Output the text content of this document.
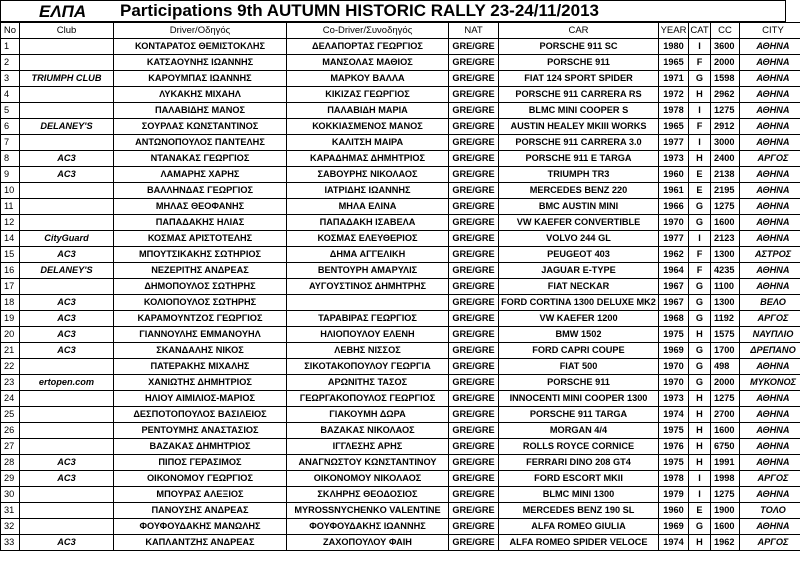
ΕΛΠΑ Participations 9th AUTUMN HISTORIC RALLY 23-24/11/2013
No	Club	Driver/Οδηγός	Co-Driver/Συνοδηγός	NAT	CAR	YEAR	CAT	CC	CITY
1		ΚΟΝΤΑΡΑΤΟΣ ΘΕΜΙΣΤΟΚΛΗΣ	ΔΕΛΑΠΟΡΤΑΣ ΓΕΩΡΓΙΟΣ	GRE/GRE	PORSCHE 911 SC	1980	I	3600	ΑΘΗΝΑ
2		ΚΑΤΣΑΟΥΝΗΣ ΙΩΑΝΝΗΣ	ΜΑΝΣΟΛΑΣ ΜΑΘΙΟΣ	GRE/GRE	PORSCHE 911	1965	F	2000	ΑΘΗΝΑ
3	TRIUMPH CLUB	ΚΑΡΟΥΜΠΑΣ ΙΩΑΝΝΗΣ	ΜΑΡΚΟΥ ΒΑΛΛΑ	GRE/GRE	FIAT 124 SPORT SPIDER	1971	G	1598	ΑΘΗΝΑ
4		ΛΥΚΑΚΗΣ ΜΙΧΑΗΛ	ΚΙΚΙΖΑΣ ΓΕΩΡΓΙΟΣ	GRE/GRE	PORSCHE 911 CARRERA RS	1972	H	2962	ΑΘΗΝΑ
5		ΠΑΛΑΒΙΔΗΣ ΜΑΝΟΣ	ΠΑΛΑΒΙΔΗ ΜΑΡΙΑ	GRE/GRE	BLMC MINI COOPER S	1978	I	1275	ΑΘΗΝΑ
6	DELANEY'S	ΣΟΥΡΛΑΣ ΚΩΝΣΤΑΝΤΙΝΟΣ	ΚΟΚΚΙΑΣΜΕΝΟΣ ΜΑΝΟΣ	GRE/GRE	AUSTIN HEALEY MKIII WORKS	1965	F	2912	ΑΘΗΝΑ
7		ΑΝΤΩΝΟΠΟΥΛΟΣ ΠΑΝΤΕΛΗΣ	ΚΑΛΙΤΣΗ ΜΑΙΡΑ	GRE/GRE	PORSCHE 911 CARRERA 3.0	1977	I	3000	ΑΘΗΝΑ
8	AC3	ΝΤΑΝΑΚΑΣ ΓΕΩΡΓΙΟΣ	ΚΑΡΑΔΗΜΑΣ ΔΗΜΗΤΡΙΟΣ	GRE/GRE	PORSCHE 911 E TARGA	1973	H	2400	ΑΡΓΟΣ
9	AC3	ΛΑΜΑΡΗΣ ΧΑΡΗΣ	ΣΑΒΟΥΡΗΣ ΝΙΚΟΛΑΟΣ	GRE/GRE	TRIUMPH TR3	1960	E	2138	ΑΘΗΝΑ
10		ΒΑΛΛΗΝΔΑΣ ΓΕΩΡΓΙΟΣ	ΙΑΤΡΙΔΗΣ ΙΩΑΝΝΗΣ	GRE/GRE	MERCEDES BENZ 220	1961	E	2195	ΑΘΗΝΑ
11		ΜΗΛΑΣ ΘΕΟΦΑΝΗΣ	ΜΗΛΑ ΕΛΙΝΑ	GRE/GRE	BMC AUSTIN MINI	1966	G	1275	ΑΘΗΝΑ
12		ΠΑΠΑΔΑΚΗΣ ΗΛΙΑΣ	ΠΑΠΑΔΑΚΗ ΙΣΑΒΕΛΑ	GRE/GRE	VW KAEFER CONVERTIBLE	1970	G	1600	ΑΘΗΝΑ
14	CityGuard	ΚΟΣΜΑΣ ΑΡΙΣΤΟΤΕΛΗΣ	ΚΟΣΜΑΣ ΕΛΕΥΘΕΡΙΟΣ	GRE/GRE	VOLVO 244 GL	1977	I	2123	ΑΘΗΝΑ
15	AC3	ΜΠΟΥΤΣΙΚΑΚΗΣ ΣΩΤΗΡΙΟΣ	ΔΗΜΑ ΑΓΓΕΛΙΚΗ	GRE/GRE	PEUGEOT 403	1962	F	1300	ΑΣΤΡΟΣ
16	DELANEY'S	ΝΕΖΕΡΙΤΗΣ ΑΝΔΡΕΑΣ	ΒΕΝΤΟΥΡΗ ΑΜΑΡΥΛΙΣ	GRE/GRE	JAGUAR E-TYPE	1964	F	4235	ΑΘΗΝΑ
17		ΔΗΜΟΠΟΥΛΟΣ ΣΩΤΗΡΗΣ	ΑΥΓΟΥΣΤΙΝΟΣ ΔΗΜΗΤΡΗΣ	GRE/GRE	FIAT NECKAR	1967	G	1100	ΑΘΗΝΑ
18	AC3	ΚΟΛΙΟΠΟΥΛΟΣ ΣΩΤΗΡΗΣ		GRE/GRE	FORD CORTINA 1300 DELUXE MK2	1967	G	1300	ΒΕΛΟ
19	AC3	ΚΑΡΑΜΟΥΝΤΖΟΣ ΓΕΩΡΓΙΟΣ	ΤΑΡΑΒΙΡΑΣ ΓΕΩΡΓΙΟΣ	GRE/GRE	VW KAEFER 1200	1968	G	1192	ΑΡΓΟΣ
20	AC3	ΓΙΑΝΝΟΥΛΗΣ ΕΜΜΑΝΟΥΗΛ	ΗΛΙΟΠΟΥΛΟΥ ΕΛΕΝΗ	GRE/GRE	BMW 1502	1975	H	1575	ΝΑΥΠΛΙΟ
21	AC3	ΣΚΑΝΔΑΛΗΣ ΝΙΚΟΣ	ΛΕΒΗΣ ΝΙΣΣΟΣ	GRE/GRE	FORD CAPRI COUPE	1969	G	1700	ΔΡΕΠΑΝΟ
22		ΠΑΤΕΡΑΚΗΣ ΜΙΧΑΛΗΣ	ΣΙΚΟΤΑΚΟΠΟΥΛΟΥ ΓΕΩΡΓΙΑ	GRE/GRE	FIAT 500	1970	G	498	ΑΘΗΝΑ
23	ertopen.com	ΧΑΝΙΩΤΗΣ ΔΗΜΗΤΡΙΟΣ	ΑΡΩΝΙΤΗΣ ΤΑΣΟΣ	GRE/GRE	PORSCHE 911	1970	G	2000	ΜΥΚΟΝΟΣ
24		ΗΛΙΟΥ ΑΙΜΙΛΙΟΣ-ΜΑΡΙΟΣ	ΓΕΩΡΓΑΚΟΠΟΥΛΟΣ ΓΕΩΡΓΙΟΣ	GRE/GRE	INNOCENTI MINI COOPER 1300	1973	H	1275	ΑΘΗΝΑ
25		ΔΕΣΠΟΤΟΠΟΥΛΟΣ ΒΑΣΙΛΕΙΟΣ	ΓΙΑΚΟΥΜΗ ΔΩΡΑ	GRE/GRE	PORSCHE 911 TARGA	1974	H	2700	ΑΘΗΝΑ
26		ΡΕΝΤΟΥΜΗΣ ΑΝΑΣΤΑΣΙΟΣ	ΒΑΖΑΚΑΣ ΝΙΚΟΛΑΟΣ	GRE/GRE	MORGAN 4/4	1975	H	1600	ΑΘΗΝΑ
27		ΒΑΖΑΚΑΣ ΔΗΜΗΤΡΙΟΣ	ΙΓΓΛΕΣΗΣ ΑΡΗΣ	GRE/GRE	ROLLS ROYCE CORNICE	1976	H	6750	ΑΘΗΝΑ
28	AC3	ΠΙΠΟΣ ΓΕΡΑΣΙΜΟΣ	ΑΝΑΓΝΩΣΤΟΥ ΚΩΝΣΤΑΝΤΙΝΟΥ	GRE/GRE	FERRARI DINO 208 GT4	1975	H	1991	ΑΘΗΝΑ
29	AC3	ΟΙΚΟΝΟΜΟΥ ΓΕΩΡΓΙΟΣ	ΟΙΚΟΝΟΜΟΥ ΝΙΚΟΛΑΟΣ	GRE/GRE	FORD ESCORT MKII	1978	I	1998	ΑΡΓΟΣ
30		ΜΠΟΥΡΑΣ ΑΛΕΞΙΟΣ	ΣΚΛΗΡΗΣ ΘΕΟΔΟΣΙΟΣ	GRE/GRE	BLMC MINI 1300	1979	I	1275	ΑΘΗΝΑ
31		ΠΑΝΟΥΣΗΣ ΑΝΔΡΕΑΣ	MYROSSNYCHENKO VALENTINE	GRE/GRE	MERCEDES BENZ 190 SL	1960	E	1900	ΤΟΛΟ
32		ΦΟΥΦΟΥΔΑΚΗΣ ΜΑΝΩΛΗΣ	ΦΟΥΦΟΥΔΑΚΗΣ ΙΩΑΝΝΗΣ	GRE/GRE	ALFA ROMEO GIULIA	1969	G	1600	ΑΘΗΝΑ
33	AC3	ΚΑΠΛΑΝΤΖΗΣ ΑΝΔΡΕΑΣ	ΖΑΧΟΠΟΥΛΟΥ ΦΑΙΗ	GRE/GRE	ALFA ROMEO SPIDER VELOCE	1974	H	1962	ΑΡΓΟΣ
